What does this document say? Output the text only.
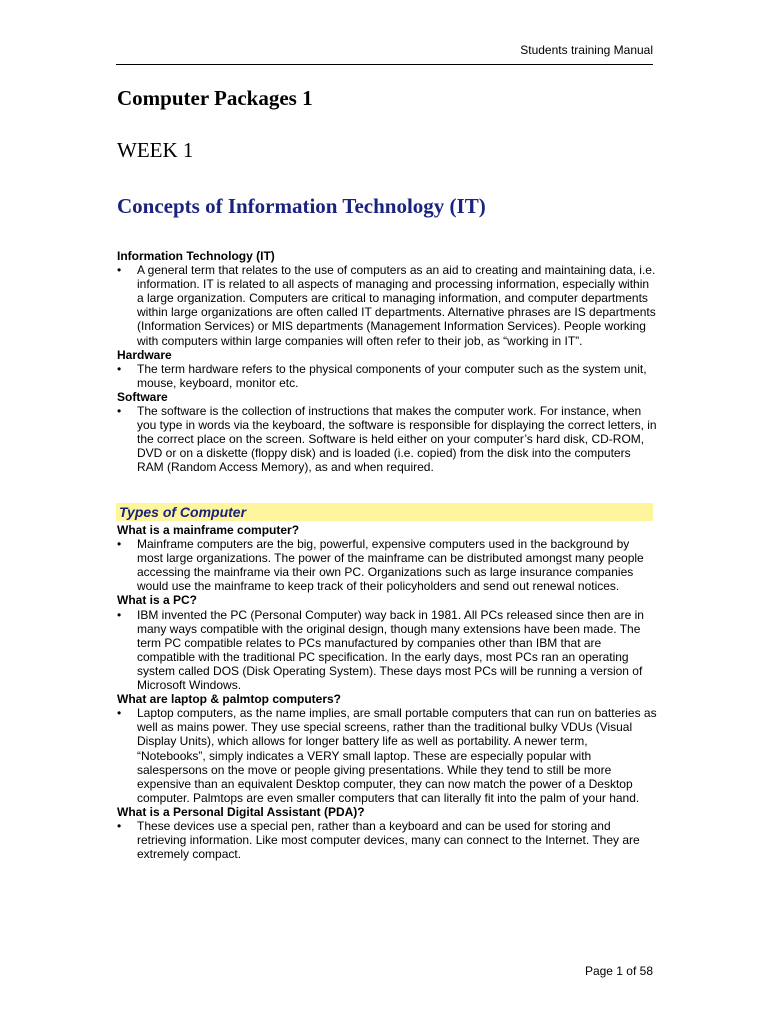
Students training Manual
Computer Packages 1
WEEK 1
Concepts of Information Technology (IT)
Information Technology (IT)
• A general term that relates to the use of computers as an aid to creating and maintaining data, i.e. information. IT is related to all aspects of managing and processing information, especially within a large organization. Computers are critical to managing information, and computer departments within large organizations are often called IT departments. Alternative phrases are IS departments (Information Services) or MIS departments (Management Information Services). People working with computers within large companies will often refer to their job, as “working in IT”.
Hardware
• The term hardware refers to the physical components of your computer such as the system unit, mouse, keyboard, monitor etc.
Software
• The software is the collection of instructions that makes the computer work. For instance, when you type in words via the keyboard, the software is responsible for displaying the correct letters, in the correct place on the screen. Software is held either on your computer’s hard disk, CD-ROM, DVD or on a diskette (floppy disk) and is loaded (i.e. copied) from the disk into the computers RAM (Random Access Memory), as and when required.
Types of Computer
What is a mainframe computer?
• Mainframe computers are the big, powerful, expensive computers used in the background by most large organizations. The power of the mainframe can be distributed amongst many people accessing the mainframe via their own PC. Organizations such as large insurance companies would use the mainframe to keep track of their policyholders and send out renewal notices.
What is a PC?
• IBM invented the PC (Personal Computer) way back in 1981. All PCs released since then are in many ways compatible with the original design, though many extensions have been made. The term PC compatible relates to PCs manufactured by companies other than IBM that are compatible with the traditional PC specification. In the early days, most PCs ran an operating system called DOS (Disk Operating System). These days most PCs will be running a version of Microsoft Windows.
What are laptop & palmtop computers?
• Laptop computers, as the name implies, are small portable computers that can run on batteries as well as mains power. They use special screens, rather than the traditional bulky VDUs (Visual Display Units), which allows for longer battery life as well as portability. A newer term, “Notebooks”, simply indicates a VERY small laptop. These are especially popular with salespersons on the move or people giving presentations. While they tend to still be more expensive than an equivalent Desktop computer, they can now match the power of a Desktop computer. Palmtops are even smaller computers that can literally fit into the palm of your hand.
What is a Personal Digital Assistant (PDA)?
• These devices use a special pen, rather than a keyboard and can be used for storing and retrieving information. Like most computer devices, many can connect to the Internet. They are extremely compact.
Page 1 of 58
